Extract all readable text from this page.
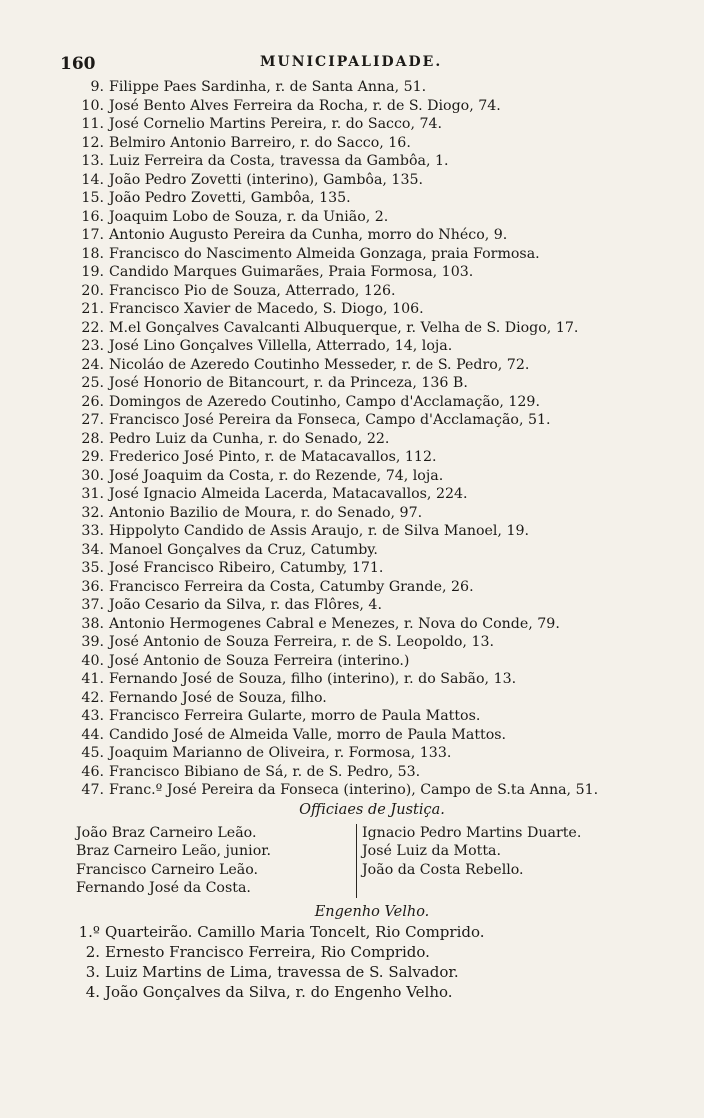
160	MUNICIPALIDADE.
9. Filippe Paes Sardinha, r. de Santa Anna, 51.
10. José Bento Alves Ferreira da Rocha, r. de S. Diogo, 74.
11. José Cornelio Martins Pereira, r. do Sacco, 74.
12. Belmiro Antonio Barreiro, r. do Sacco, 16.
13. Luiz Ferreira da Costa, travessa da Gambôa, 1.
14. João Pedro Zovetti (interino), Gambôa, 135.
15. João Pedro Zovetti, Gambôa, 135.
16. Joaquim Lobo de Souza, r. da União, 2.
17. Antonio Augusto Pereira da Cunha, morro do Nhéco, 9.
18. Francisco do Nascimento Almeida Gonzaga, praia Formosa.
19. Candido Marques Guimarães, Praia Formosa, 103.
20. Francisco Pio de Souza, Atterrado, 126.
21. Francisco Xavier de Macedo, S. Diogo, 106.
22. M.el Gonçalves Cavalcanti Albuquerque, r. Velha de S. Diogo, 17.
23. José Lino Gonçalves Villella, Atterrado, 14, loja.
24. Nicoláo de Azeredo Coutinho Messeder, r. de S. Pedro, 72.
25. José Honorio de Bitancourt, r. da Princeza, 136 B.
26. Domingos de Azeredo Coutinho, Campo d'Acclamação, 129.
27. Francisco José Pereira da Fonseca, Campo d'Acclamação, 51.
28. Pedro Luiz da Cunha, r. do Senado, 22.
29. Frederico José Pinto, r. de Matacavallos, 112.
30. José Joaquim da Costa, r. do Rezende, 74, loja.
31. José Ignacio Almeida Lacerda, Matacavallos, 224.
32. Antonio Bazilio de Moura, r. do Senado, 97.
33. Hippolyto Candido de Assis Araujo, r. de Silva Manoel, 19.
34. Manoel Gonçalves da Cruz, Catumby.
35. José Francisco Ribeiro, Catumby, 171.
36. Francisco Ferreira da Costa, Catumby Grande, 26.
37. João Cesario da Silva, r. das Flôres, 4.
38. Antonio Hermogenes Cabral e Menezes, r. Nova do Conde, 79.
39. José Antonio de Souza Ferreira, r. de S. Leopoldo, 13.
40. José Antonio de Souza Ferreira (interino.)
41. Fernando José de Souza, filho (interino), r. do Sabão, 13.
42. Fernando José de Souza, filho.
43. Francisco Ferreira Gularte, morro de Paula Mattos.
44. Candido José de Almeida Valle, morro de Paula Mattos.
45. Joaquim Marianno de Oliveira, r. Formosa, 133.
46. Francisco Bibiano de Sá, r. de S. Pedro, 53.
47. Franc.º José Pereira da Fonseca (interino), Campo de S.ta Anna, 51.
Officiaes de Justiça.
João Braz Carneiro Leão.
Braz Carneiro Leão, junior.
Francisco Carneiro Leão.
Fernando José da Costa.
Ignacio Pedro Martins Duarte.
José Luiz da Motta.
João da Costa Rebello.
Engenho Velho.
1.º Quarteirão. Camillo Maria Toncelt, Rio Comprido.
2. Ernesto Francisco Ferreira, Rio Comprido.
3. Luiz Martins de Lima, travessa de S. Salvador.
4. João Gonçalves da Silva, r. do Engenho Velho.
